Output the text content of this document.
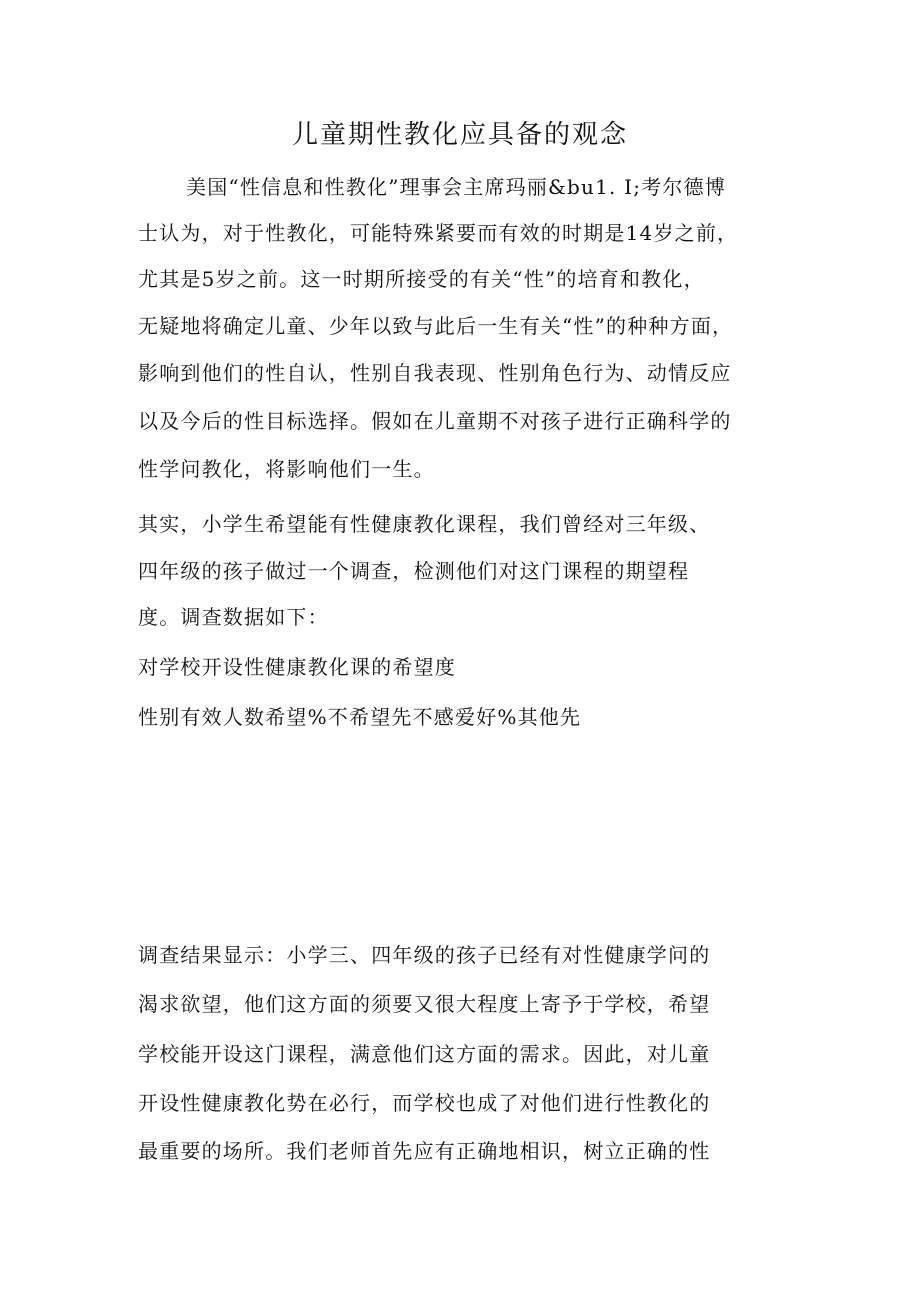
儿童期性教化应具备的观念
美国“性信息和性教化”理事会主席玛丽&bu1. I;考尔德博
士认为，对于性教化，可能特殊紧要而有效的时期是14岁之前，
尤其是5岁之前。这一时期所接受的有关“性”的培育和教化，
无疑地将确定儿童、少年以致与此后一生有关“性”的种种方面，
影响到他们的性自认，性别自我表现、性别角色行为、动情反应
以及今后的性目标选择。假如在儿童期不对孩子进行正确科学的
性学问教化，将影响他们一生。
其实，小学生希望能有性健康教化课程，我们曾经对三年级、
四年级的孩子做过一个调查，检测他们对这门课程的期望程
度。调查数据如下：
对学校开设性健康教化课的希望度
性别有效人数希望%不希望先不感爱好%其他先
调查结果显示：小学三、四年级的孩子已经有对性健康学问的
渴求欲望，他们这方面的须要又很大程度上寄予于学校，希望
学校能开设这门课程，满意他们这方面的需求。因此，对儿童
开设性健康教化势在必行，而学校也成了对他们进行性教化的
最重要的场所。我们老师首先应有正确地相识，树立正确的性
